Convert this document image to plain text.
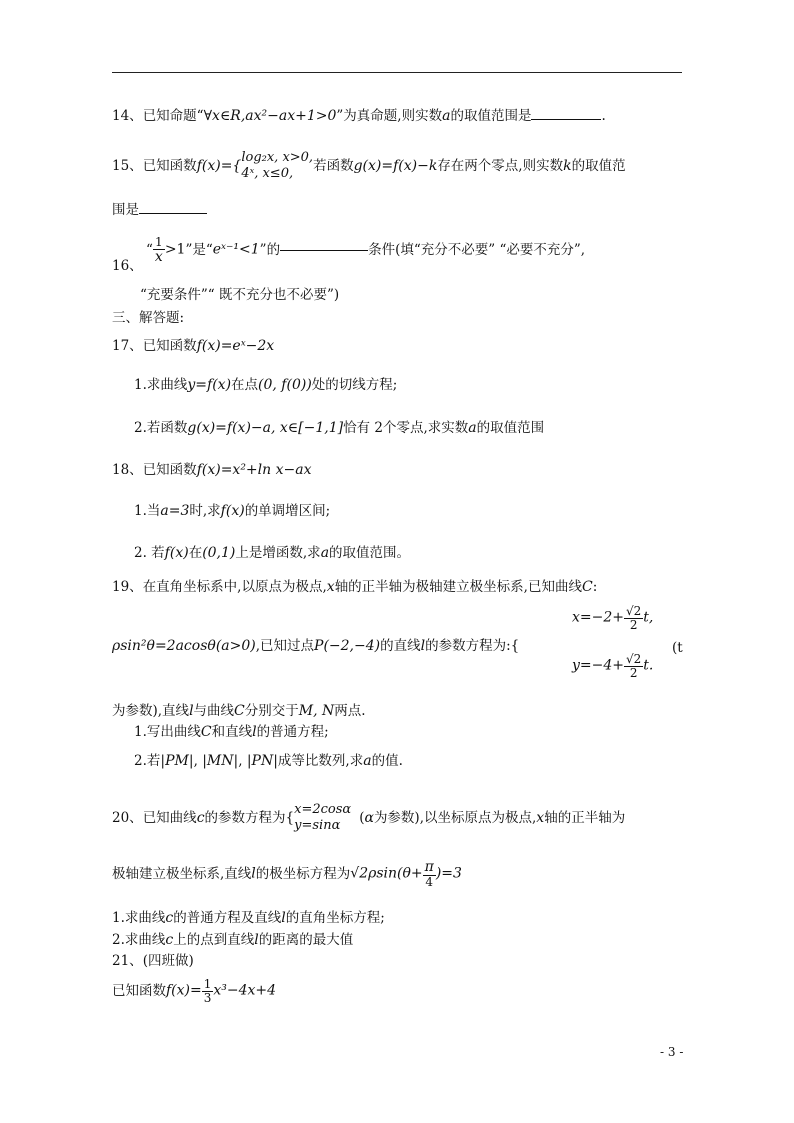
14、已知命题“∀x∈R,ax²−ax+1>0”为真命题,则实数a的取值范围是	.
15、已知函数f(x)={
log₂x, x>0,
4ˣ, x≤0,	若函数g(x)=f(x)−k存在两个零点,则实数k的取值范
围是
“ $\frac{1}{x} >1$”是“eˣ⁻¹<1”的	条件(填“充分不必要” “必要不充分”,
16、
“充要条件”“ 既不充分也不必要”)
三、解答题:
17、已知函数f(x)=eˣ−2x
1.求曲线y=f(x)在点(0, f(0))处的切线方程;
2.若函数g(x)=f(x)−a, x∈[−1,1]恰有 2个零点,求实数a的取值范围
18、已知函数f(x)=x²+ln x−ax
1.当a=3时,求f(x)的单调增区间;
2. 若f(x)在(0,1)上是增函数,求a的取值范围。
19、在直角坐标系中,以原点为极点,x轴的正半轴为极轴建立极坐标系,已知曲线C:
ρsin²θ=2acosθ(a>0),已知过点P(−2,−4)的直线l的参数方程为:{
$x=-2+ \frac{√2}{2} t$,
(t
$y=-4+ \frac{√2}{2} t$.
为参数),直线l与曲线C分别交于M, N两点.
1.写出曲线C和直线l的普通方程;
2.若|PM|, |MN|, |PN|成等比数列,求a的值.
20、已知曲线c的参数方程为{
x=2cosα
y=sinα	(α为参数),以坐标原点为极点,x轴的正半轴为
极轴建立极坐标系,直线l的极坐标方程为$√2\rho\sin(\theta+ \frac{\pi}{4} )=3$
1.求曲线c的普通方程及直线l的直角坐标方程;
2.求曲线c上的点到直线l的距离的最大值
21、(四班做)
已知函数$f(x)= \frac{1}{3} x^3-4x+4$
- 3 -
